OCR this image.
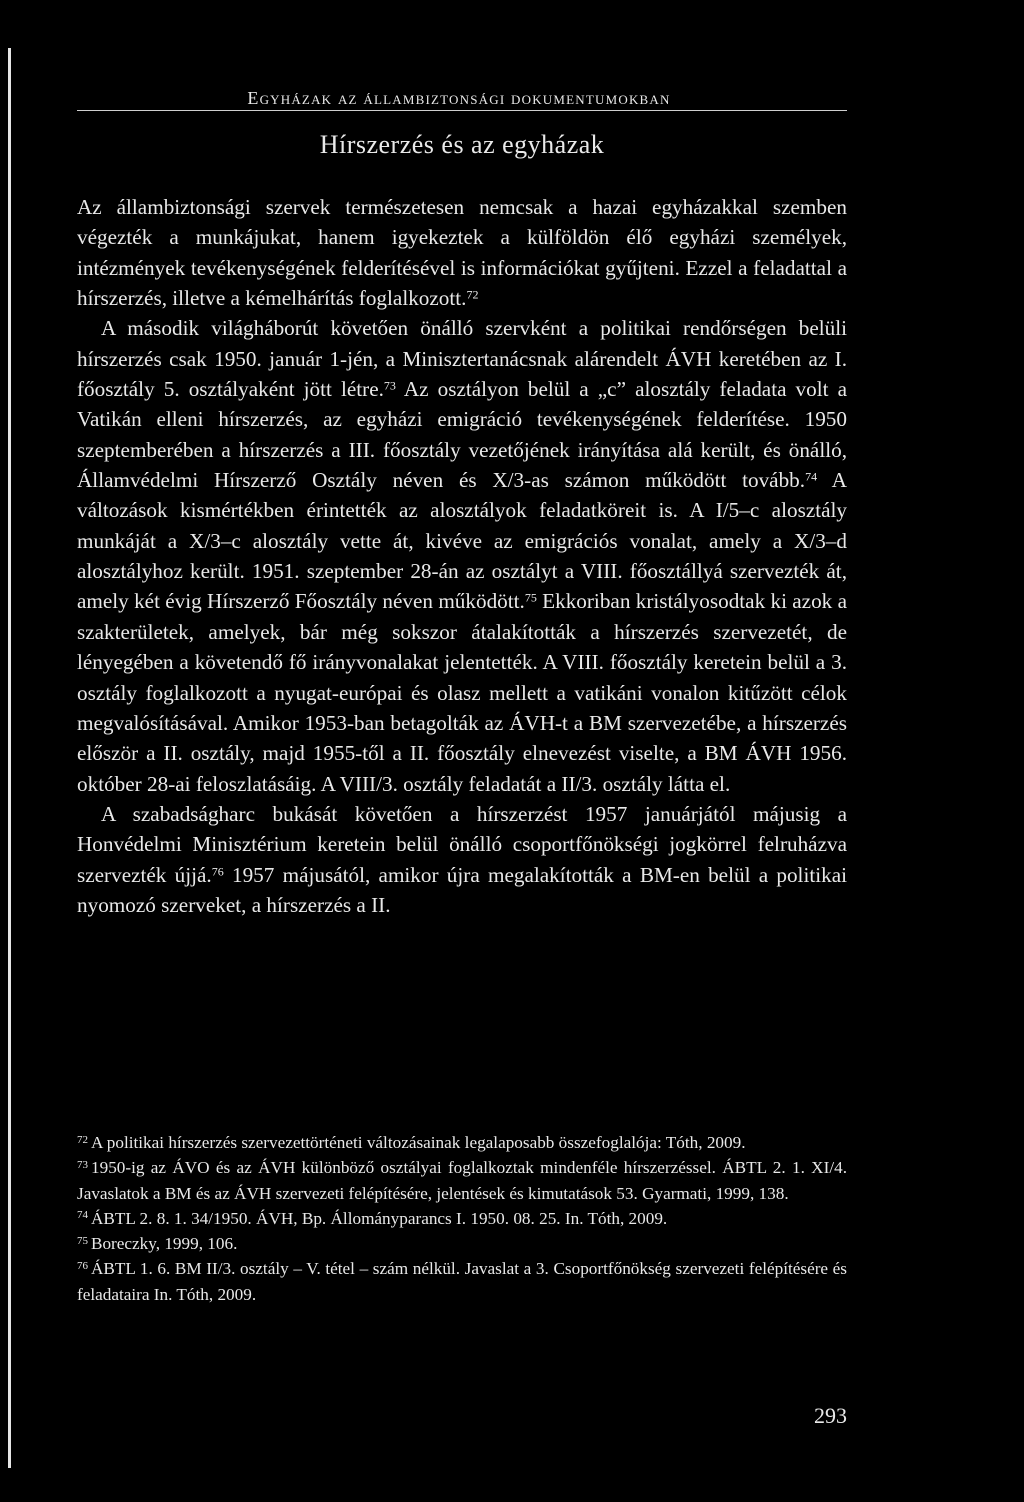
Egyházak az állambiztonsági dokumentumokban
Hírszerzés és az egyházak

Az állambiztonsági szervek természetesen nemcsak a hazai egyházakkal szemben végezték a munkájukat, hanem igyekeztek a külföldön élő egyházi személyek, intézmények tevékenységének felderítésével is információkat gyűjteni. Ezzel a feladattal a hírszerzés, illetve a kémelhárítás foglalkozott.$^{72}$

A második világháborút követően önálló szervként a politikai rendőrségen belüli hírszerzés csak 1950. január 1-jén, a Minisztertanácsnak alárendelt ÁVH keretében az I. főosztály 5. osztályaként jött létre.$^{73}$ Az osztályon belül a „c” alosztály feladata volt a Vatikán elleni hírszerzés, az egyházi emigráció tevékenységének felderítése. 1950 szeptemberében a hírszerzés a III. főosztály vezetőjének irányítása alá került, és önálló, Államvédelmi Hírszerző Osztály néven és X/3-as számon működött tovább.$^{74}$ A változások kismértékben érintették az alosztályok feladatköreit is. A I/5–c alosztály munkáját a X/3–c alosztály vette át, kivéve az emigrációs vonalat, amely a X/3–d alosztályhoz került. 1951. szeptember 28-án az osztályt a VIII. főosztállyá szervezték át, amely két évig Hírszerző Főosztály néven működött.$^{75}$ Ekkoriban kristályosodtak ki azok a szakterületek, amelyek, bár még sokszor átalakították a hírszerzés szervezetét, de lényegében a követendő fő irányvonalakat jelentették. A VIII. főosztály keretein belül a 3. osztály foglalkozott a nyugat-európai és olasz mellett a vatikáni vonalon kitűzött célok megvalósításával. Amikor 1953-ban betagolták az ÁVH-t a BM szervezetébe, a hírszerzés először a II. osztály, majd 1955-től a II. főosztály elnevezést viselte, a BM ÁVH 1956. október 28-ai feloszlatásáig. A VIII/3. osztály feladatát a II/3. osztály látta el.

A szabadságharc bukását követően a hírszerzést 1957 januárjától májusig a Honvédelmi Minisztérium keretein belül önálló csoportfőnökségi jogkörrel felruházva szervezték újjá.$^{76}$ 1957 májusától, amikor újra megalakították a BM-en belül a politikai nyomozó szerveket, a hírszerzés a II.

$^{72}$ A politikai hírszerzés szervezettörténeti változásainak legalaposabb összefoglalója: Tóth, 2009.

$^{73}$ 1950-ig az ÁVO és az ÁVH különböző osztályai foglalkoztak mindenféle hírszerzéssel. ÁBTL 2. 1. XI/4. Javaslatok a BM és az ÁVH szervezeti felépítésére, jelentések és kimutatások 53. Gyarmati, 1999, 138.

$^{74}$ ÁBTL 2. 8. 1. 34/1950. ÁVH, Bp. Állományparancs I. 1950. 08. 25. In. Tóth, 2009.

$^{75}$ Boreczky, 1999, 106.

$^{76}$ ÁBTL 1. 6. BM II/3. osztály – V. tétel – szám nélkül. Javaslat a 3. Csoportfőnökség szervezeti felépítésére és feladataira In. Tóth, 2009.

293
